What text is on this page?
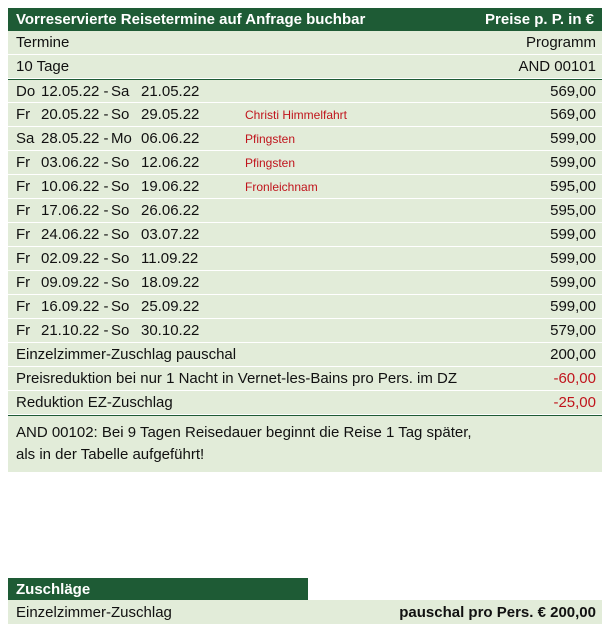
Vorreservierte Reisetermine auf Anfrage buchbar	Preise p. P. in €
Termine	Programm
10 Tage	AND 00101
Do 12.05.22 - Sa 21.05.22	569,00
Fr 20.05.22 - So 29.05.22	Christi Himmelfahrt	569,00
Sa 28.05.22 - Mo 06.06.22	Pfingsten	599,00
Fr 03.06.22 - So 12.06.22	Pfingsten	599,00
Fr 10.06.22 - So 19.06.22	Fronleichnam	595,00
Fr 17.06.22 - So 26.06.22	595,00
Fr 24.06.22 - So 03.07.22	599,00
Fr 02.09.22 - So 11.09.22	599,00
Fr 09.09.22 - So 18.09.22	599,00
Fr 16.09.22 - So 25.09.22	599,00
Fr 21.10.22 - So 30.10.22	579,00
Einzelzimmer-Zuschlag pauschal	200,00
Preisreduktion bei nur 1 Nacht in Vernet-les-Bains pro Pers. im DZ	-60,00
Reduktion EZ-Zuschlag	-25,00
AND 00102: Bei 9 Tagen Reisedauer beginnt die Reise 1 Tag später,
als in der Tabelle aufgeführt!
Zuschläge
Einzelzimmer-Zuschlag	pauschal pro Pers. € 200,00
